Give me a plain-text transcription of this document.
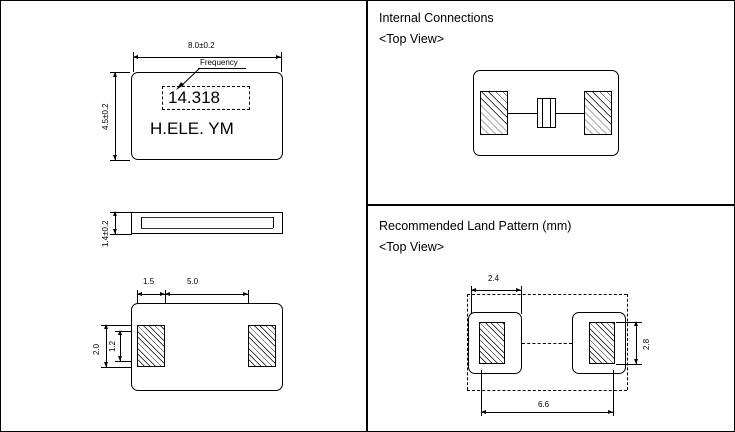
8.0±0.2
4.5±0.2
Frequency
14.318
H.ELE. YM
1.4±0.2
1.5	5.0
2.0 1.2
Internal Connections
<Top View>
Recommended Land Pattern (mm)
<Top View>
2.4
2.8
6.6
